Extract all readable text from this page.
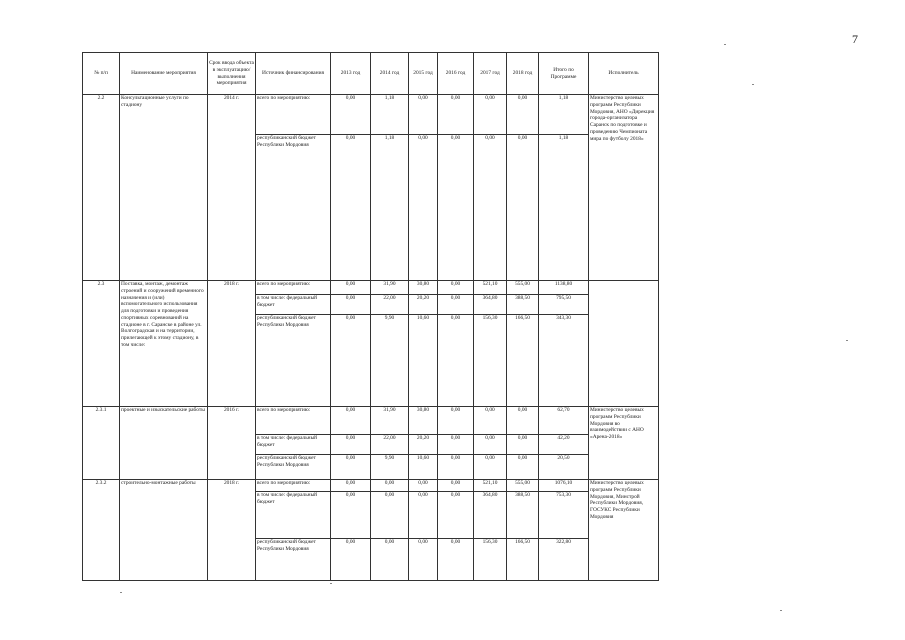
7
№ п/п	Наименование мероприятия	Срок ввода объекта в эксплуатацию/ выполнения мероприятия	Источник финансирования	2013 год	2014 год	2015 год	2016 год	2017 год	2018 год	Итого по Программе	Исполнитель
2.2	Консультационные услуги по стадиону	2014 г.	всего по мероприятию:	0,00	1,18	0,00	0,00	0,00	0,00	1,18	Министерство целевых программ Республики Мордовия, АНО «Дирекция города-организатора Саранск по подготовке и проведению Чемпионата мира по футболу 2018»
			республиканский бюджет Республики Мордовия	0,00	1,18	0,00	0,00	0,00	0,00	1,18	
2.3	Поставка, монтаж, демонтаж строений и сооружений временного назначения и (или) вспомогательного использования для подготовки и проведения спортивных соревнований на стадионе в г. Саранске в районе ул. Волгоградская и на территории, прилегающей к этому стадиону, в том числе:	2018 г.	всего по мероприятию:	0,00	31,90	30,80	0,00	521,10	555,00	1138,80	
			в том числе: федеральный бюджет	0,00	22,00	20,20	0,00	364,80	388,50	795,50	
			республиканский бюджет Республики Мордовия	0,00	9,90	10,60	0,00	156,30	166,50	343,30	
2.3.1	проектные и изыскательские работы	2016 г.	всего по мероприятию:	0,00	31,90	30,80	0,00	0,00	0,00	62,70	Министерство целевых программ Республики Мордовия во взаимодействии с АНО «Арена-2018»
			в том числе: федеральный бюджет	0,00	22,00	20,20	0,00	0,00	0,00	42,20	
			республиканский бюджет Республики Мордовия	0,00	9,90	10,60	0,00	0,00	0,00	20,50	
2.3.2	строительно-монтажные работы	2018 г.	всего по мероприятию:	0,00	0,00	0,00	0,00	521,10	555,00	1076,10	Министерство целевых программ Республики Мордовия, Минстрой Республики Мордовия, ГОСУКС Республики Мордовия
			в том числе: федеральный бюджет	0,00	0,00	0,00	0,00	364,80	388,50	753,30	
			республиканский бюджет Республики Мордовия	0,00	0,00	0,00	0,00	156,30	166,50	322,80	
